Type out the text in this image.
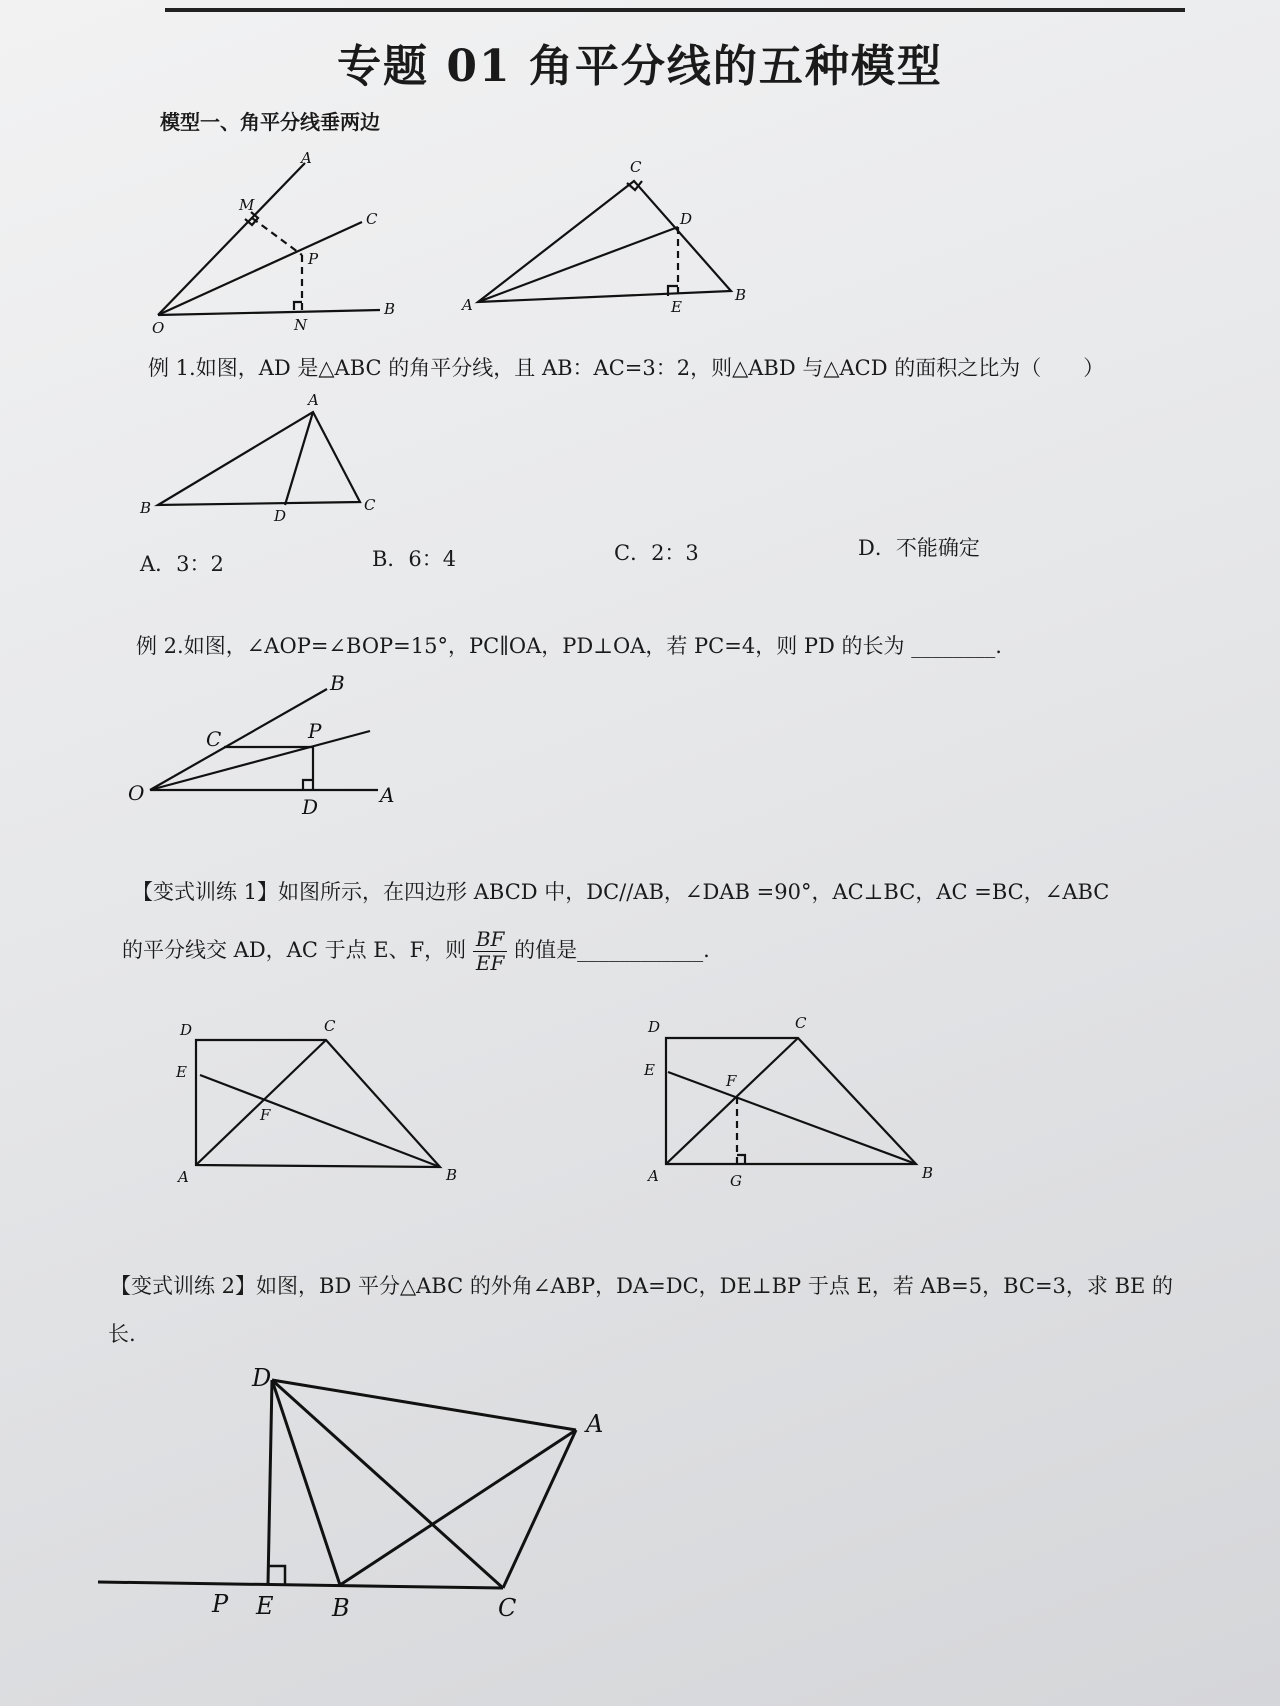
专题 01 角平分线的五种模型
模型一、角平分线垂两边
A
M
C
P
O	N
B
C
D
A	E
B
例 1.如图，AD 是△ABC 的角平分线，且 AB：AC=3：2，则△ABD 与△ACD 的面积之比为（　　）
A
B	D
C
A．3：2	B．6：4	C．2：3	D．不能确定
例 2.如图，∠AOP=∠BOP=15°，PC∥OA，PD⊥OA，若 PC=4，则 PD 的长为 ________.
B
C	P
O
D	A
【变式训练 1】如图所示，在四边形 ABCD 中，DC//AB，∠DAB =90°，AC⊥BC，AC =BC，∠ABC
的平分线交 AD，AC 于点 E、F，则 $\frac{BF}{EF}$ 的值是____________.
D	C
E
F
A	B
D	C
E
F
A	G	B
【变式训练 2】如图，BD 平分△ABC 的外角∠ABP，DA=DC，DE⊥BP 于点 E，若 AB=5，BC=3，求 BE 的
长.
D
A
P E B	C
